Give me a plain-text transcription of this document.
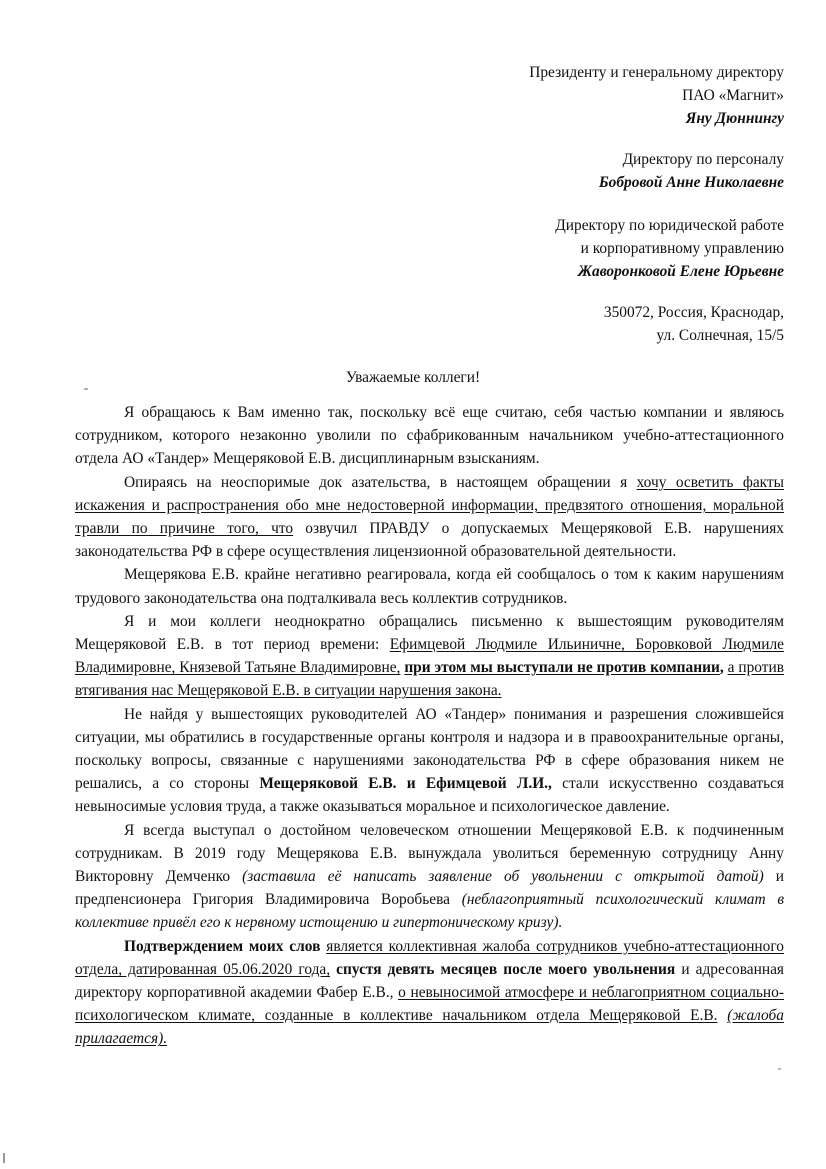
Президенту и генеральному директору
ПАО «Магнит»
Яну Дюннингу
Директору по персоналу
Бобровой Анне Николаевне
Директору по юридической работе
и корпоративному управлению
Жаворонковой Елене Юрьевне
350072, Россия, Краснодар,
ул. Солнечная, 15/5
Уважаемые коллеги!

Я обращаюсь к Вам именно так, поскольку всё еще считаю, себя частью компании и являюсь сотрудником, которого незаконно уволили по сфабрикованным начальником учебно-аттестационного отдела АО «Тандер» Мещеряковой Е.В. дисциплинарным взысканиям.

Опираясь на неоспоримые док азательства, в настоящем обращении я хочу осветить факты искажения и распространения обо мне недостоверной информации, предвзятого отношения, моральной травли по причине того, что озвучил ПРАВДУ о допускаемых Мещеряковой Е.В. нарушениях законодательства РФ в сфере осуществления лицензионной образовательной деятельности.

Мещерякова Е.В. крайне негативно реагировала, когда ей сообщалось о том к каким нарушениям трудового законодательства она подталкивала весь коллектив сотрудников.

Я и мои коллеги неоднократно обращались письменно к вышестоящим руководителям Мещеряковой Е.В. в тот период времени: Ефимцевой Людмиле Ильиничне, Боровковой Людмиле Владимировне, Князевой Татьяне Владимировне, при этом мы выступали не против компании, а против втягивания нас Мещеряковой Е.В. в ситуации нарушения закона.

Не найдя у вышестоящих руководителей АО «Тандер» понимания и разрешения сложившейся ситуации, мы обратились в государственные органы контроля и надзора и в правоохранительные органы, поскольку вопросы, связанные с нарушениями законодательства РФ в сфере образования никем не решались, а со стороны Мещеряковой Е.В. и Ефимцевой Л.И., стали искусственно создаваться невыносимые условия труда, а также оказываться моральное и психологическое давление.

Я всегда выступал о достойном человеческом отношении Мещеряковой Е.В. к подчиненным сотрудникам. В 2019 году Мещерякова Е.В. вынуждала уволиться беременную сотрудницу Анну Викторовну Демченко (заставила её написать заявление об увольнении с открытой датой) и предпенсионера Григория Владимировича Воробьева (неблагоприятный психологический климат в коллективе привёл его к нервному истощению и гипертоническому кризу).

Подтверждением моих слов является коллективная жалоба сотрудников учебно-аттестационного отдела, датированная 05.06.2020 года, спустя девять месяцев после моего увольнения и адресованная директору корпоративной академии Фабер Е.В., о невыносимой атмосфере и неблагоприятном социально-психологическом климате, созданные в коллективе начальником отдела Мещеряковой Е.В. (жалоба прилагается).
